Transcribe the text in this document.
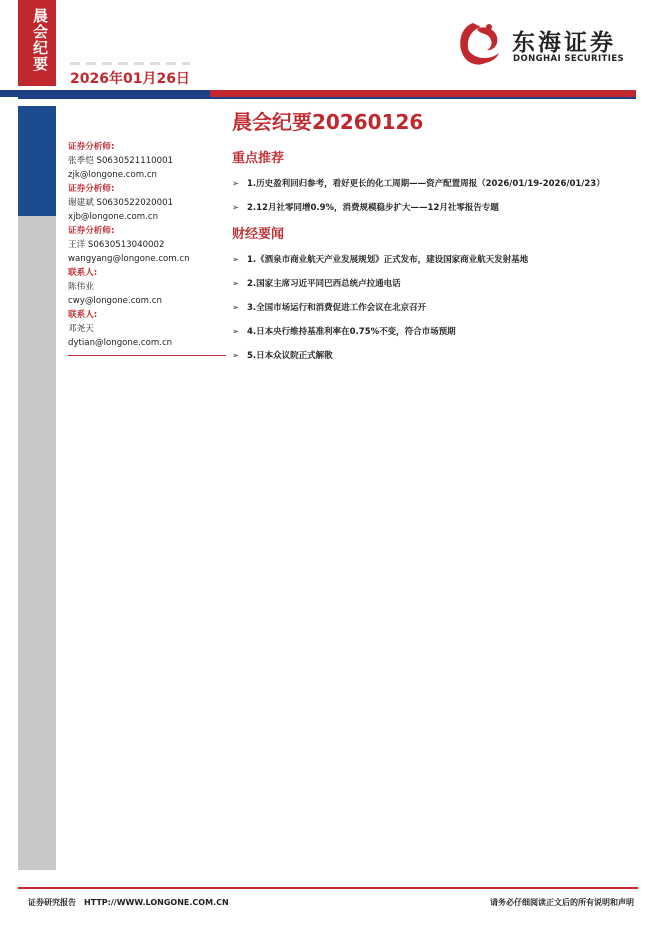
晨会纪要
2026年01月26日
东海证券
DONGHAI SECURITIES
证券分析师:
张季恺 S0630521110001
zjk@longone.com.cn
证券分析师:
谢建斌 S0630522020001
xjb@longone.com.cn
证券分析师:
王洋 S0630513040002
wangyang@longone.com.cn
联系人:
陈伟业
cwy@longone.com.cn
联系人:
邓尧天
dytian@longone.com.cn
晨会纪要20260126
重点推荐
➢ 1.历史盈利回归参考，看好更长的化工周期——资产配置周报（2026/01/19-2026/01/23）
➢ 2.12月社零同增0.9%，消费规模稳步扩大——12月社零报告专题
财经要闻
➢ 1.《酒泉市商业航天产业发展规划》正式发布，建设国家商业航天发射基地
➢ 2.国家主席习近平同巴西总统卢拉通电话
➢ 3.全国市场运行和消费促进工作会议在北京召开
➢ 4.日本央行维持基准利率在0.75%不变，符合市场预期
➢ 5.日本众议院正式解散
证券研究报告 HTTP://WWW.LONGONE.COM.CN	请务必仔细阅读正文后的所有说明和声明
